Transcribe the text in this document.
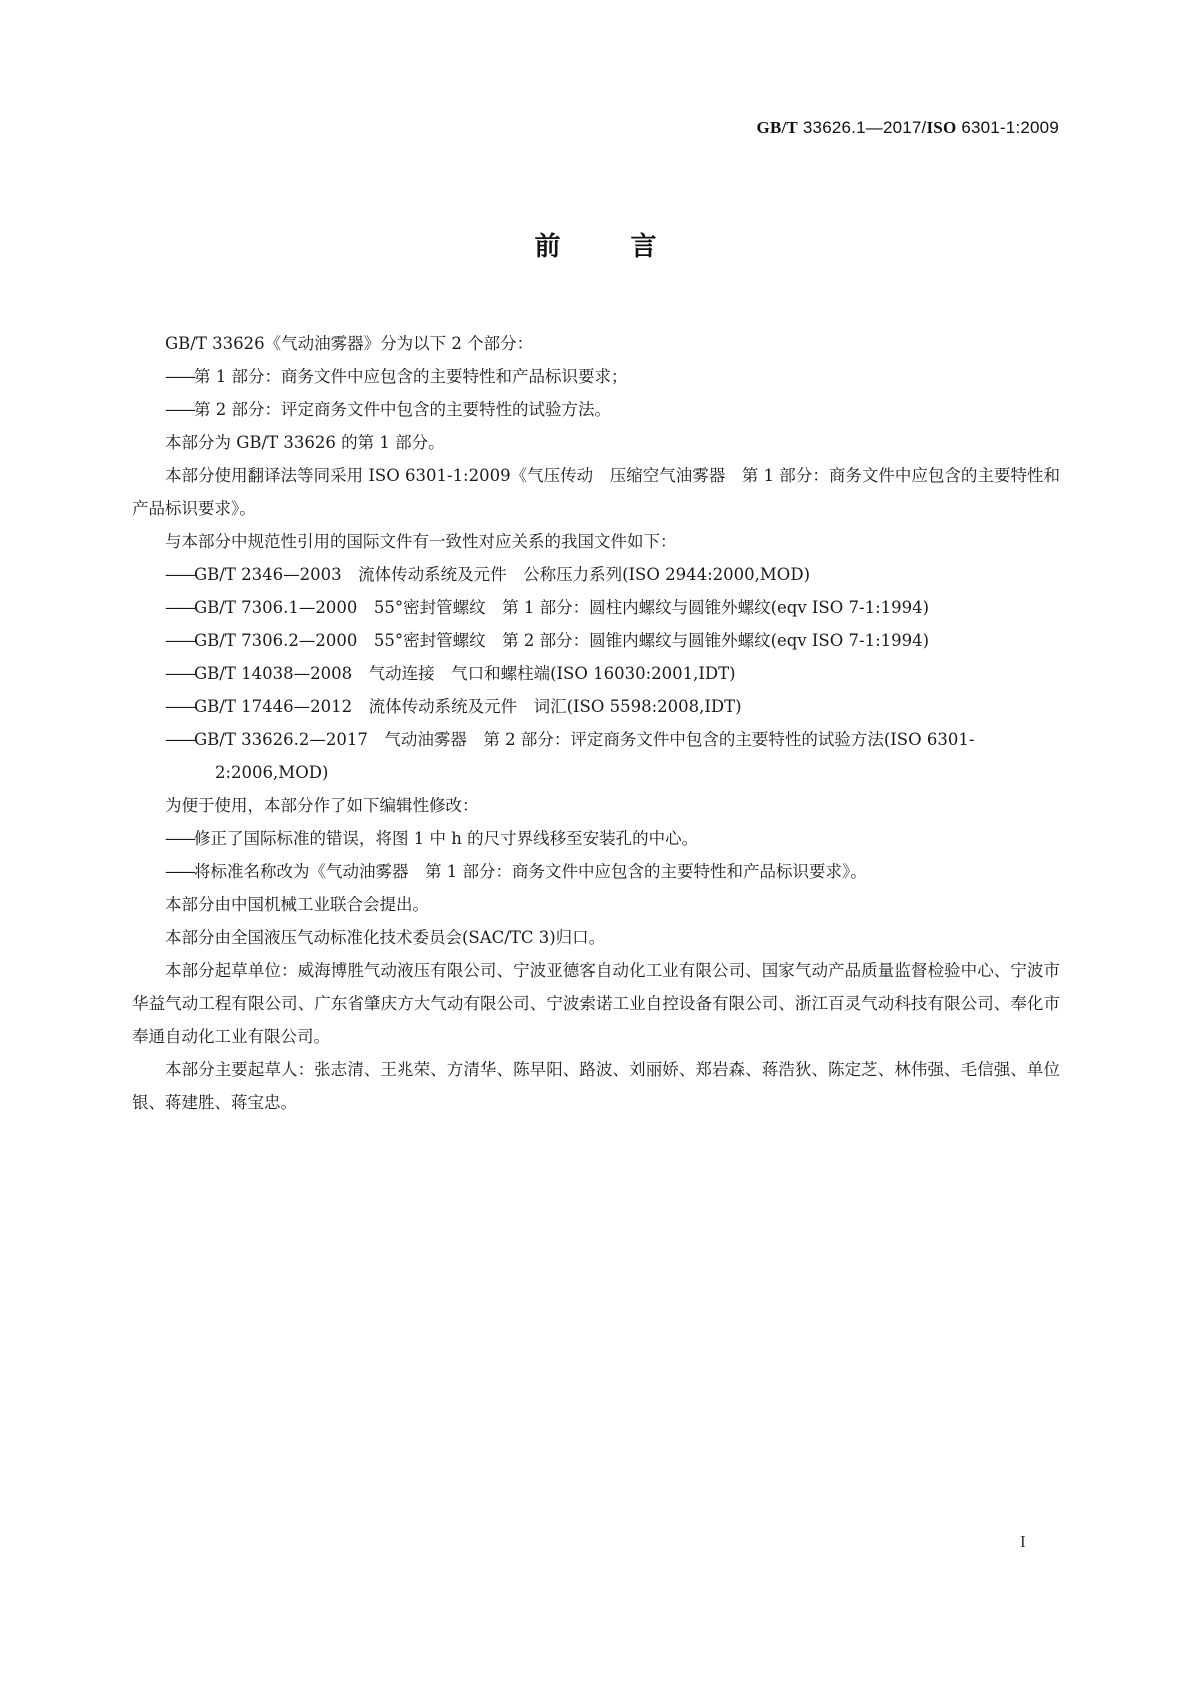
GB/T 33626.1—2017/ISO 6301-1:2009
前	言
GB/T 33626《气动油雾器》分为以下 2 个部分：
——第 1 部分：商务文件中应包含的主要特性和产品标识要求；
——第 2 部分：评定商务文件中包含的主要特性的试验方法。
本部分为 GB/T 33626 的第 1 部分。
本部分使用翻译法等同采用 ISO 6301-1:2009《气压传动　压缩空气油雾器　第 1 部分：商务文件中应包含的主要特性和产品标识要求》。
与本部分中规范性引用的国际文件有一致性对应关系的我国文件如下：
——GB/T 2346—2003　流体传动系统及元件　公称压力系列(ISO 2944:2000,MOD)
——GB/T 7306.1—2000　55°密封管螺纹　第 1 部分：圆柱内螺纹与圆锥外螺纹(eqv ISO 7-1:1994)
——GB/T 7306.2—2000　55°密封管螺纹　第 2 部分：圆锥内螺纹与圆锥外螺纹(eqv ISO 7-1:1994)
——GB/T 14038—2008　气动连接　气口和螺柱端(ISO 16030:2001,IDT)
——GB/T 17446—2012　流体传动系统及元件　词汇(ISO 5598:2008,IDT)
——GB/T 33626.2—2017　气动油雾器　第 2 部分：评定商务文件中包含的主要特性的试验方法(ISO 6301-2:2006,MOD)
为便于使用，本部分作了如下编辑性修改：
——修正了国际标准的错误，将图 1 中 h 的尺寸界线移至安装孔的中心。
——将标准名称改为《气动油雾器　第 1 部分：商务文件中应包含的主要特性和产品标识要求》。
本部分由中国机械工业联合会提出。
本部分由全国液压气动标准化技术委员会(SAC/TC 3)归口。
本部分起草单位：威海博胜气动液压有限公司、宁波亚德客自动化工业有限公司、国家气动产品质量监督检验中心、宁波市华益气动工程有限公司、广东省肇庆方大气动有限公司、宁波索诺工业自控设备有限公司、浙江百灵气动科技有限公司、奉化市奉通自动化工业有限公司。
本部分主要起草人：张志清、王兆荣、方清华、陈早阳、路波、刘丽娇、郑岩森、蒋浩狄、陈定芝、林伟强、毛信强、单位银、蒋建胜、蒋宝忠。
I
